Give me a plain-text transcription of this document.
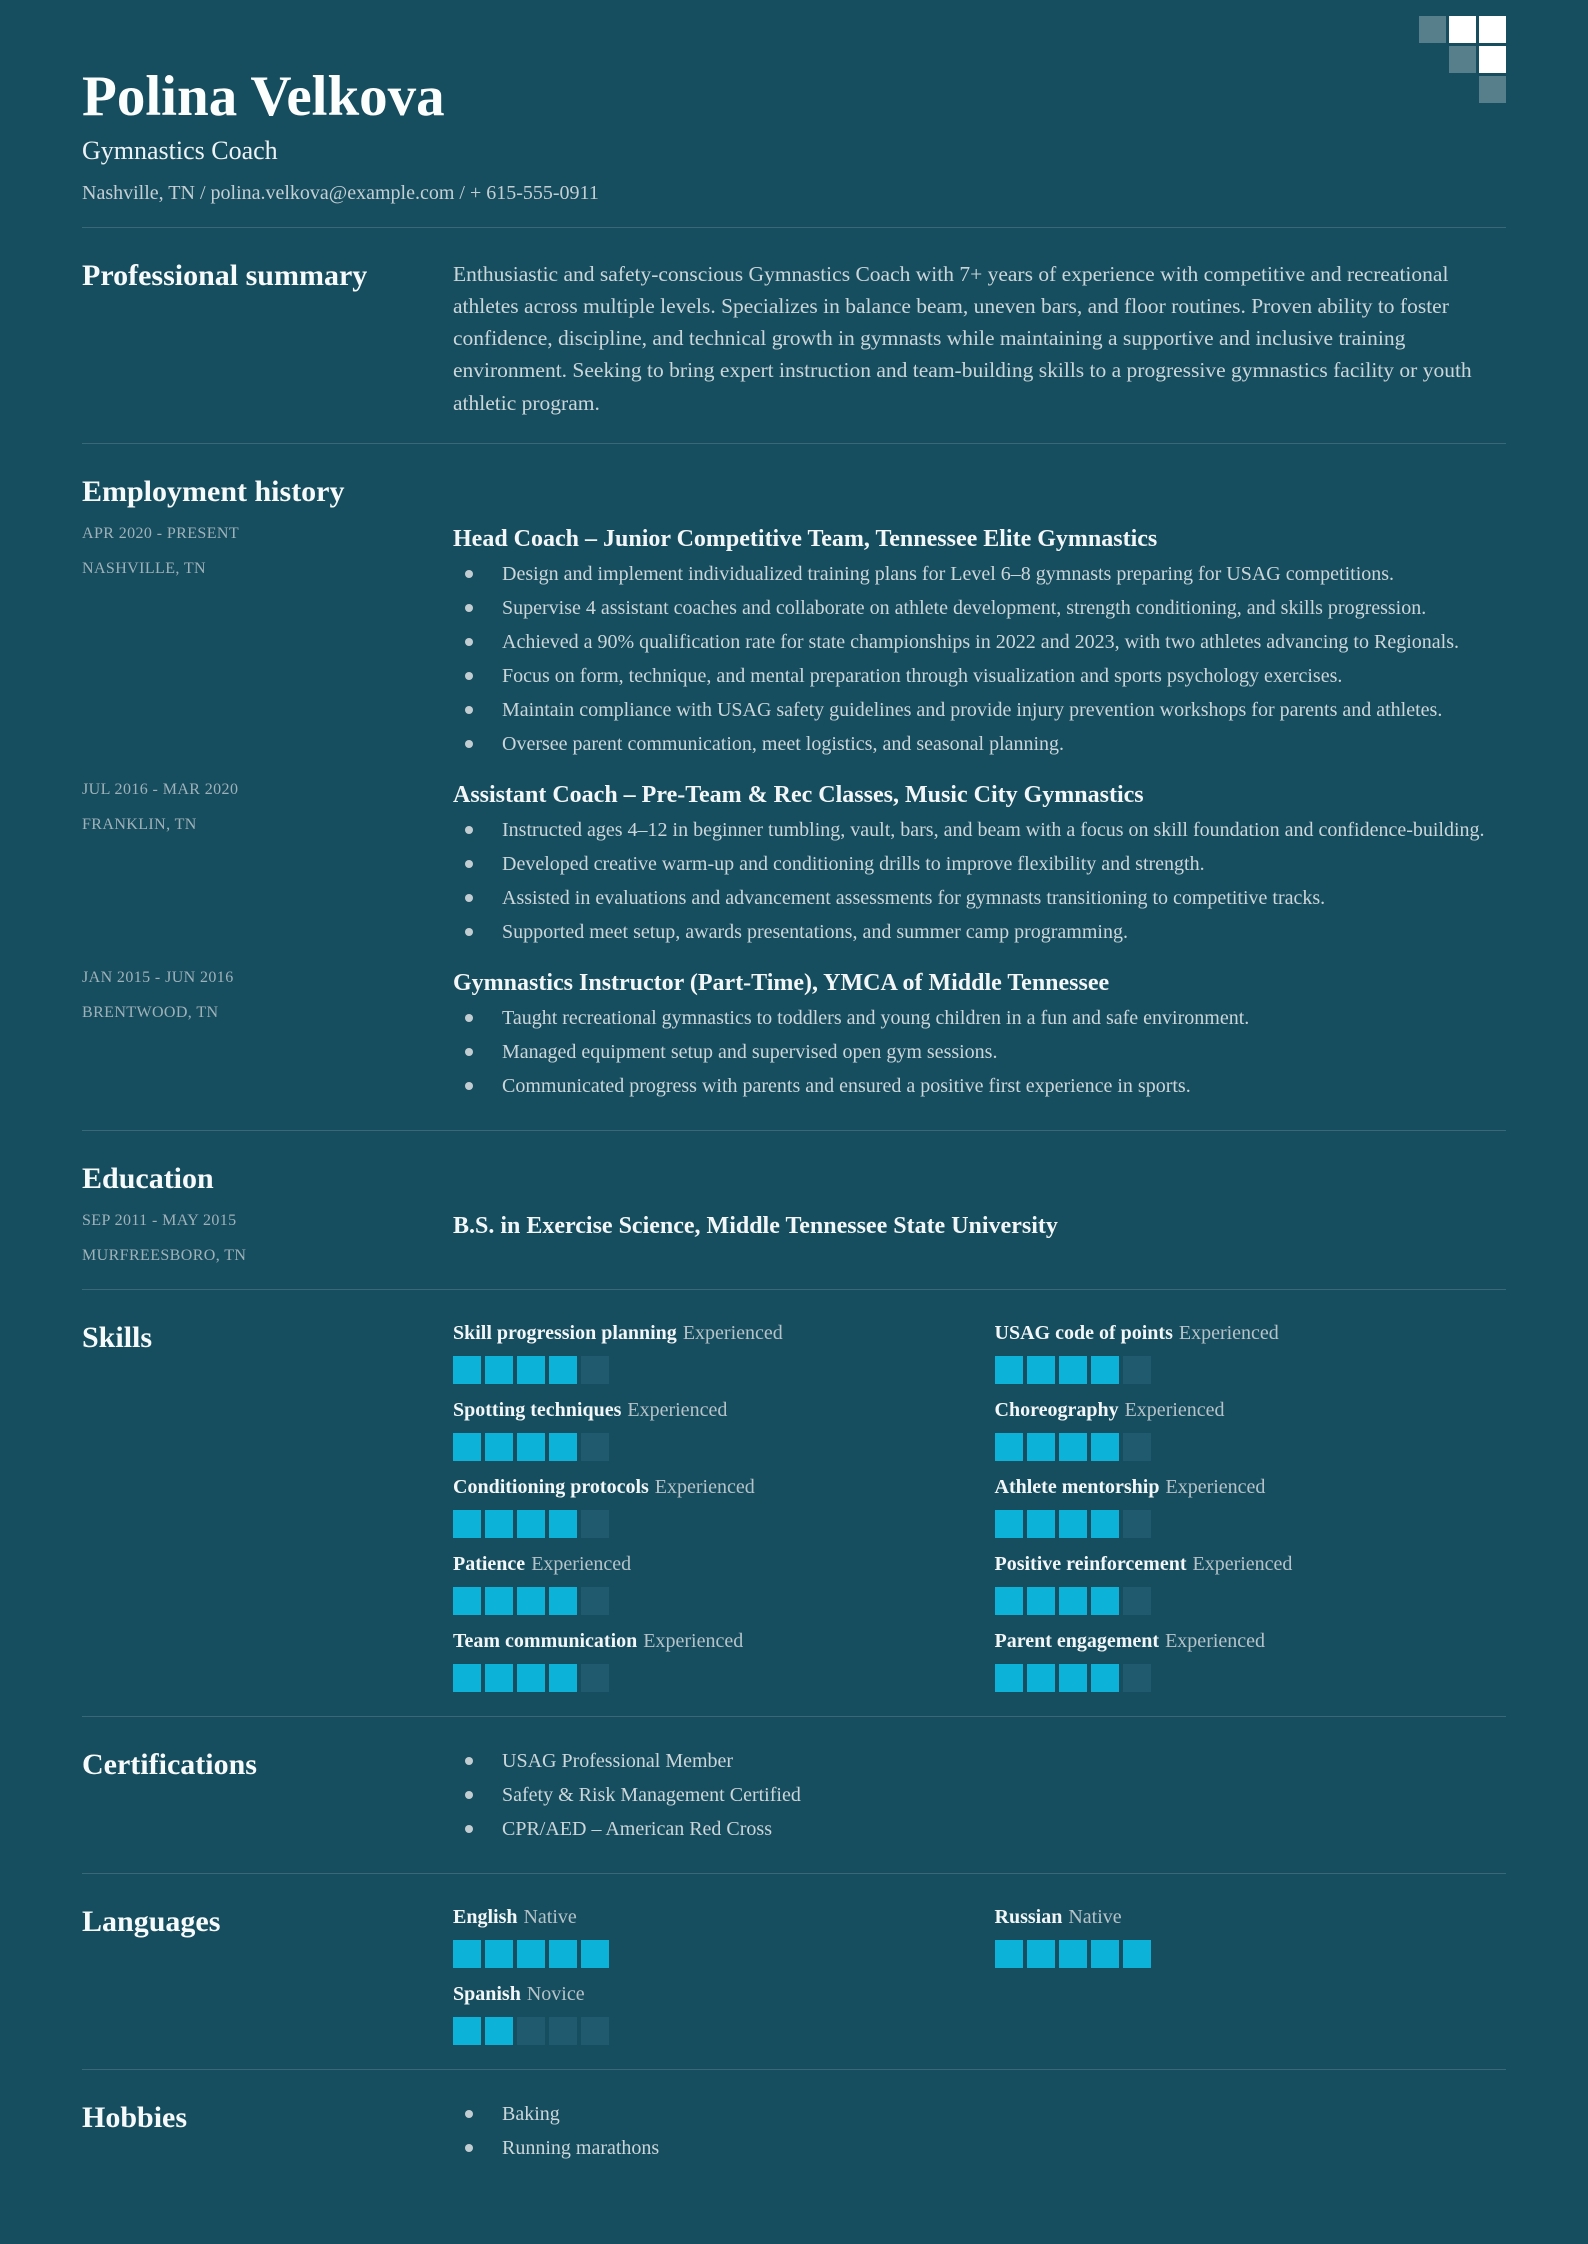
Polina Velkova
Gymnastics Coach
Nashville, TN / polina.velkova@example.com / + 615-555-0911
Professional summary	Enthusiastic and safety-conscious Gymnastics Coach with 7+ years of experience with competitive and recreational athletes across multiple levels. Specializes in balance beam, uneven bars, and floor routines. Proven ability to foster confidence, discipline, and technical growth in gymnasts while maintaining a supportive and inclusive training environment. Seeking to bring expert instruction and team-building skills to a progressive gymnastics facility or youth athletic program.

Employment history
APR 2020 - PRESENT
NASHVILLE, TN
Head Coach – Junior Competitive Team, Tennessee Elite Gymnastics
Design and implement individualized training plans for Level 6–8 gymnasts preparing for USAG competitions.
Supervise 4 assistant coaches and collaborate on athlete development, strength conditioning, and skills progression.
Achieved a 90% qualification rate for state championships in 2022 and 2023, with two athletes advancing to Regionals.
Focus on form, technique, and mental preparation through visualization and sports psychology exercises.
Maintain compliance with USAG safety guidelines and provide injury prevention workshops for parents and athletes.
Oversee parent communication, meet logistics, and seasonal planning.
JUL 2016 - MAR 2020
FRANKLIN, TN
Assistant Coach – Pre-Team & Rec Classes, Music City Gymnastics
Instructed ages 4–12 in beginner tumbling, vault, bars, and beam with a focus on skill foundation and confidence-building.
Developed creative warm-up and conditioning drills to improve flexibility and strength.
Assisted in evaluations and advancement assessments for gymnasts transitioning to competitive tracks.
Supported meet setup, awards presentations, and summer camp programming.
JAN 2015 - JUN 2016
BRENTWOOD, TN
Gymnastics Instructor (Part-Time), YMCA of Middle Tennessee
Taught recreational gymnastics to toddlers and young children in a fun and safe environment.
Managed equipment setup and supervised open gym sessions.
Communicated progress with parents and ensured a positive first experience in sports.
Education
SEP 2011 - MAY 2015
MURFREESBORO, TN
B.S. in Exercise Science, Middle Tennessee State University
Skills	Skill progression planning Experienced	USAG code of points Experienced
Spotting techniques Experienced	Choreography Experienced
Conditioning protocols Experienced	Athlete mentorship Experienced
Patience Experienced	Positive reinforcement Experienced
Team communication Experienced	Parent engagement Experienced
Certifications	USAG Professional Member
Safety & Risk Management Certified
CPR/AED – American Red Cross
Languages	English Native	Russian Native
Spanish Novice
Hobbies	Baking
Running marathons
